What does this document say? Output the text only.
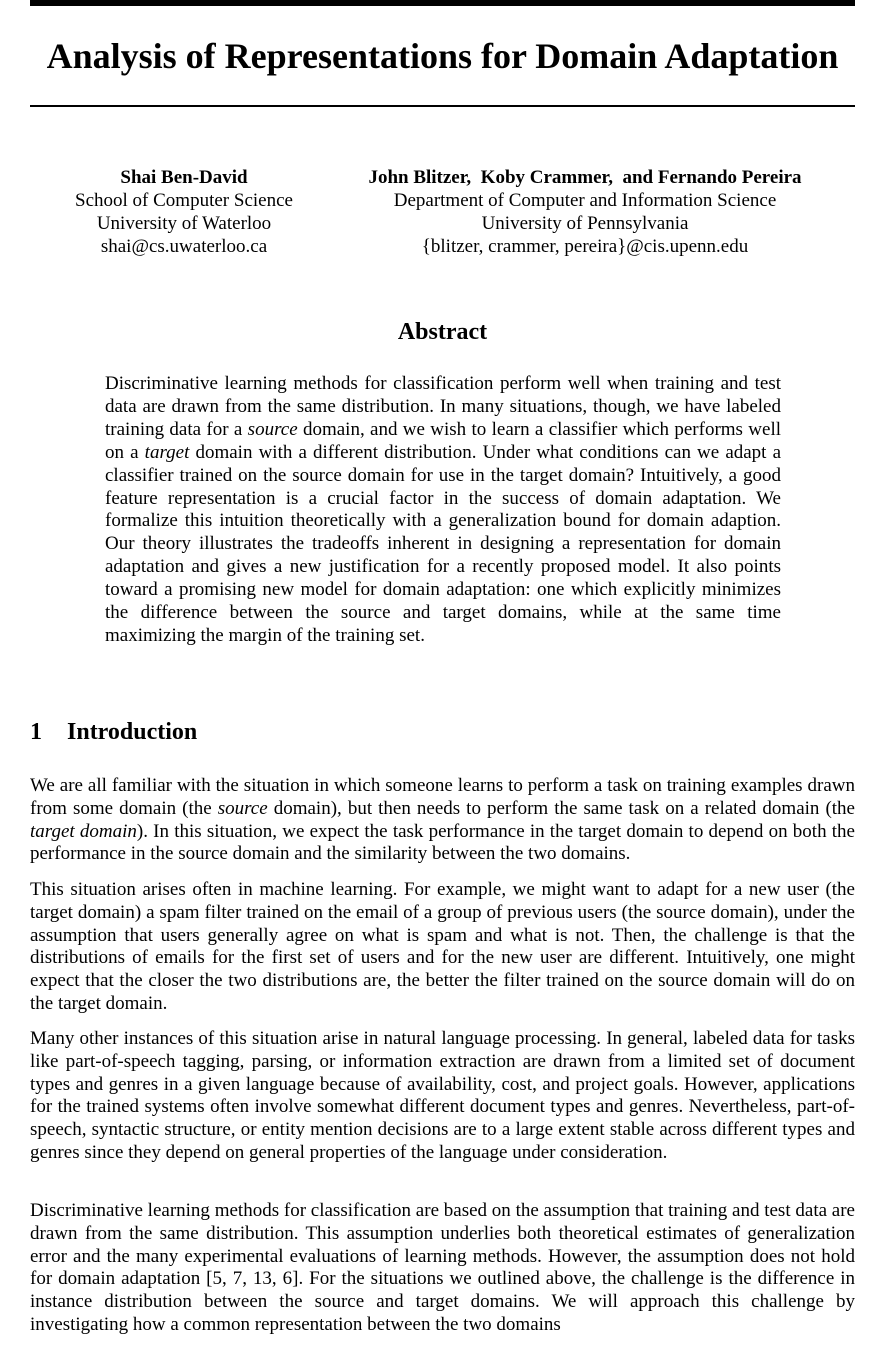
Analysis of Representations for Domain Adaptation
Shai Ben-David
School of Computer Science
University of Waterloo
shai@cs.uwaterloo.ca
John Blitzer,  Koby Crammer,  and Fernando Pereira
Department of Computer and Information Science
University of Pennsylvania
{blitzer, crammer, pereira}@cis.upenn.edu
Abstract

Discriminative learning methods for classification perform well when training and test data are drawn from the same distribution. In many situations, though, we have labeled training data for a source domain, and we wish to learn a classifier which performs well on a target domain with a different distribution. Under what conditions can we adapt a classifier trained on the source domain for use in the target domain? Intuitively, a good feature representation is a crucial factor in the success of domain adaptation. We formalize this intuition theoretically with a generalization bound for domain adaption. Our theory illustrates the tradeoffs inherent in designing a representation for domain adaptation and gives a new justification for a recently proposed model. It also points toward a promising new model for domain adaptation: one which explicitly minimizes the difference between the source and target domains, while at the same time maximizing the margin of the training set.

1 Introduction

We are all familiar with the situation in which someone learns to perform a task on training examples drawn from some domain (the source domain), but then needs to perform the same task on a related domain (the target domain). In this situation, we expect the task performance in the target domain to depend on both the performance in the source domain and the similarity between the two domains.

This situation arises often in machine learning. For example, we might want to adapt for a new user (the target domain) a spam filter trained on the email of a group of previous users (the source domain), under the assumption that users generally agree on what is spam and what is not. Then, the challenge is that the distributions of emails for the first set of users and for the new user are different. Intuitively, one might expect that the closer the two distributions are, the better the filter trained on the source domain will do on the target domain.

Many other instances of this situation arise in natural language processing. In general, labeled data for tasks like part-of-speech tagging, parsing, or information extraction are drawn from a limited set of document types and genres in a given language because of availability, cost, and project goals. However, applications for the trained systems often involve somewhat different document types and genres. Nevertheless, part-of-speech, syntactic structure, or entity mention decisions are to a large extent stable across different types and genres since they depend on general properties of the language under consideration.

Discriminative learning methods for classification are based on the assumption that training and test data are drawn from the same distribution. This assumption underlies both theoretical estimates of generalization error and the many experimental evaluations of learning methods. However, the assumption does not hold for domain adaptation [5, 7, 13, 6]. For the situations we outlined above, the challenge is the difference in instance distribution between the source and target domains. We will approach this challenge by investigating how a common representation between the two domains
